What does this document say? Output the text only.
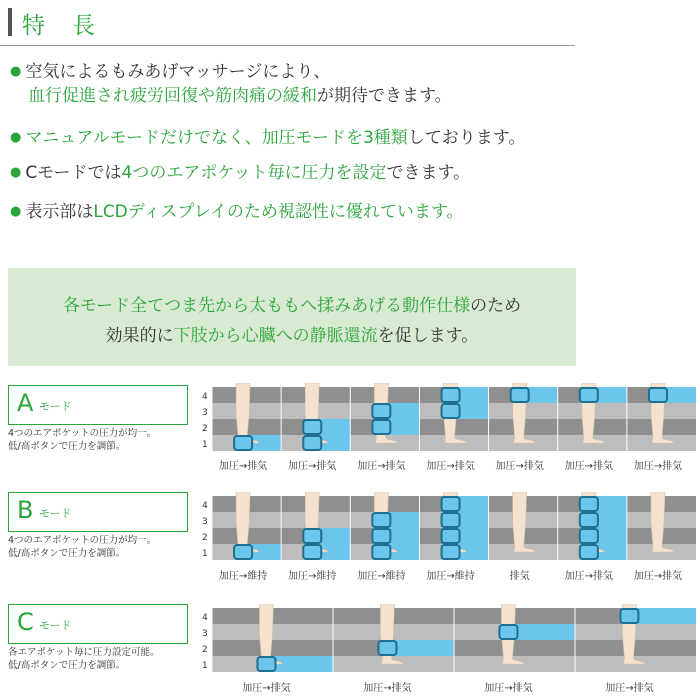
特　長
● 空気によるもみあげマッサージにより、
血行促進され疲労回復や筋肉痛の緩和が期待できます。
● マニュアルモードだけでなく、加圧モードを3種類しております。
● Cモードでは4つのエアポケット毎に圧力を設定できます。
● 表示部はLCDディスプレイのため視認性に優れています。
各モード全てつま先から太ももへ揉みあげる動作仕様のため
効果的に下肢から心臓への静脈還流を促します。
A モード
4つのエアポケットの圧力が均一。
低/高ボタンで圧力を調節。
4
3
2
1
加圧→排気 加圧→排気 加圧→排気 加圧→排気 加圧→排気 加圧→排気 加圧→排気
B モード
4つのエアポケットの圧力が均一。
低/高ボタンで圧力を調節。
4
3
2
1
加圧→維持 加圧→維持 加圧→維持 加圧→維持	排気	加圧→排気 加圧→排気
C モード
各エアポケット毎に圧力設定可能。
低/高ボタンで圧力を調節。
4
3
2
1
加圧→排気	加圧→排気	加圧→排気	加圧→排気
